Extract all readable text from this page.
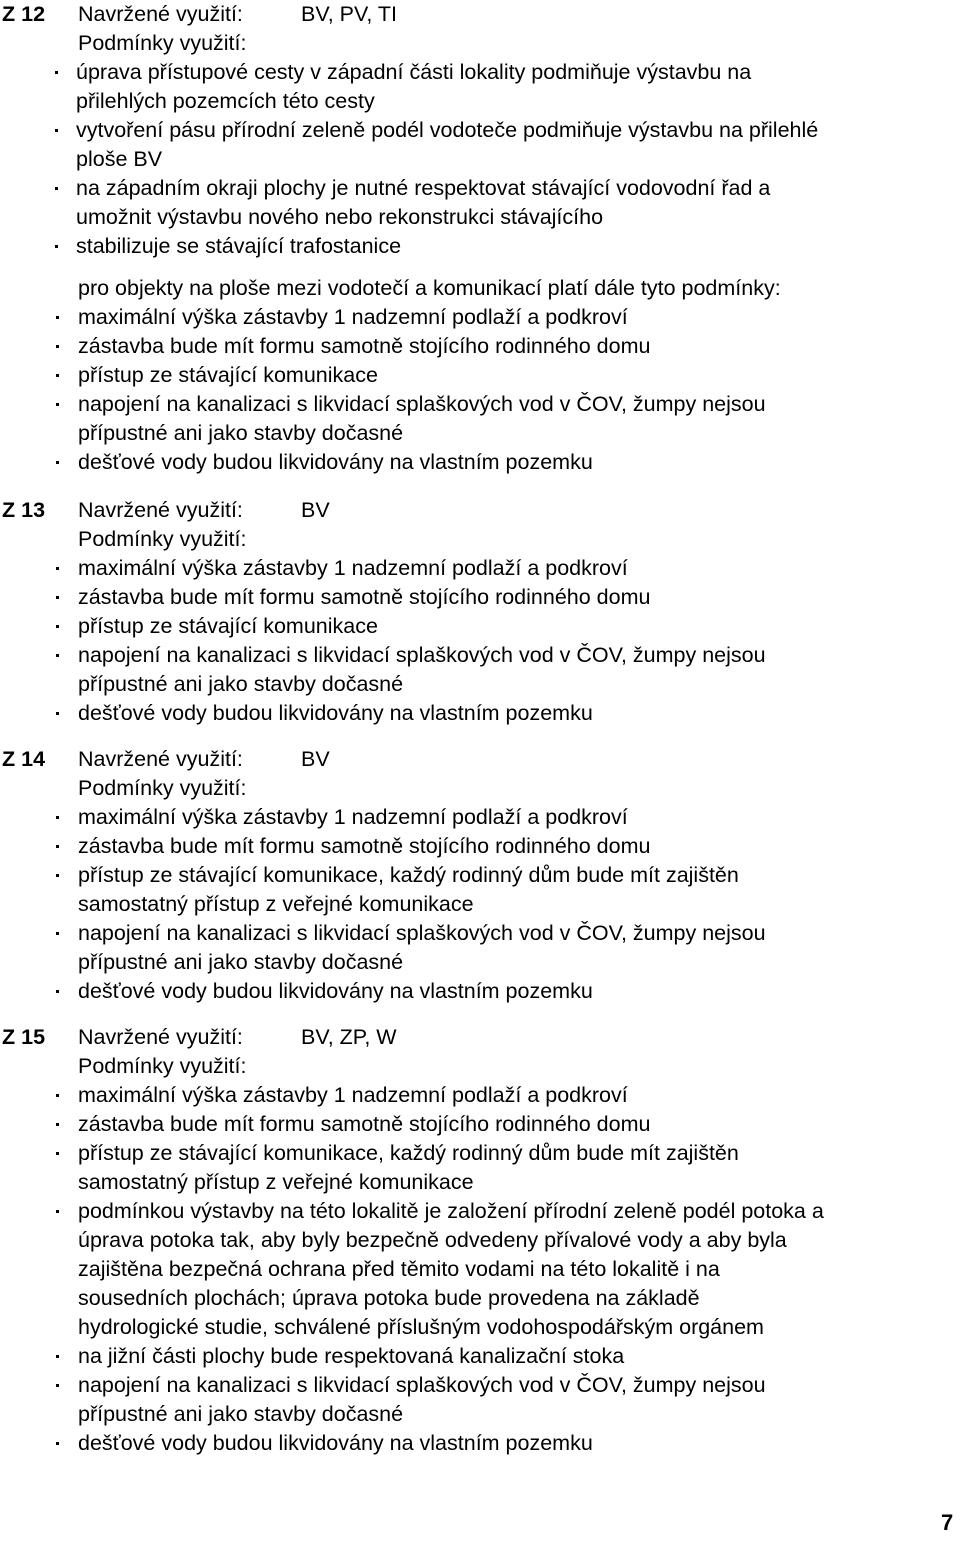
Z 12 Navržené využití:	BV, PV, TI
Podmínky využití:
úprava přístupové cesty v západní části lokality podmiňuje výstavbu na
přilehlých pozemcích této cesty
vytvoření pásu přírodní zeleně podél vodoteče podmiňuje výstavbu na přilehlé
ploše BV
na západním okraji plochy je nutné respektovat stávající vodovodní řad a
umožnit výstavbu nového nebo rekonstrukci stávajícího
stabilizuje se stávající trafostanice
pro objekty na ploše mezi vodotečí a komunikací platí dále tyto podmínky:
maximální výška zástavby 1 nadzemní podlaží a podkroví
zástavba bude mít formu samotně stojícího rodinného domu
přístup ze stávající komunikace
napojení na kanalizaci s likvidací splaškových vod v ČOV, žumpy nejsou
přípustné ani jako stavby dočasné
dešťové vody budou likvidovány na vlastním pozemku
Z 13 Navržené využití:	BV
Podmínky využití:
maximální výška zástavby 1 nadzemní podlaží a podkroví
zástavba bude mít formu samotně stojícího rodinného domu
přístup ze stávající komunikace
napojení na kanalizaci s likvidací splaškových vod v ČOV, žumpy nejsou
přípustné ani jako stavby dočasné
dešťové vody budou likvidovány na vlastním pozemku
Z 14 Navržené využití:	BV
Podmínky využití:
maximální výška zástavby 1 nadzemní podlaží a podkroví
zástavba bude mít formu samotně stojícího rodinného domu
přístup ze stávající komunikace, každý rodinný dům bude mít zajištěn
samostatný přístup z veřejné komunikace
napojení na kanalizaci s likvidací splaškových vod v ČOV, žumpy nejsou
přípustné ani jako stavby dočasné
dešťové vody budou likvidovány na vlastním pozemku
Z 15 Navržené využití:	BV, ZP, W
Podmínky využití:
maximální výška zástavby 1 nadzemní podlaží a podkroví
zástavba bude mít formu samotně stojícího rodinného domu
přístup ze stávající komunikace, každý rodinný dům bude mít zajištěn
samostatný přístup z veřejné komunikace
podmínkou výstavby na této lokalitě je založení přírodní zeleně podél potoka a
úprava potoka tak, aby byly bezpečně odvedeny přívalové vody a aby byla
zajištěna bezpečná ochrana před těmito vodami na této lokalitě i na
sousedních plochách; úprava potoka bude provedena na základě
hydrologické studie, schválené příslušným vodohospodářským orgánem
na jižní části plochy bude respektovaná kanalizační stoka
napojení na kanalizaci s likvidací splaškových vod v ČOV, žumpy nejsou
přípustné ani jako stavby dočasné
dešťové vody budou likvidovány na vlastním pozemku
7
